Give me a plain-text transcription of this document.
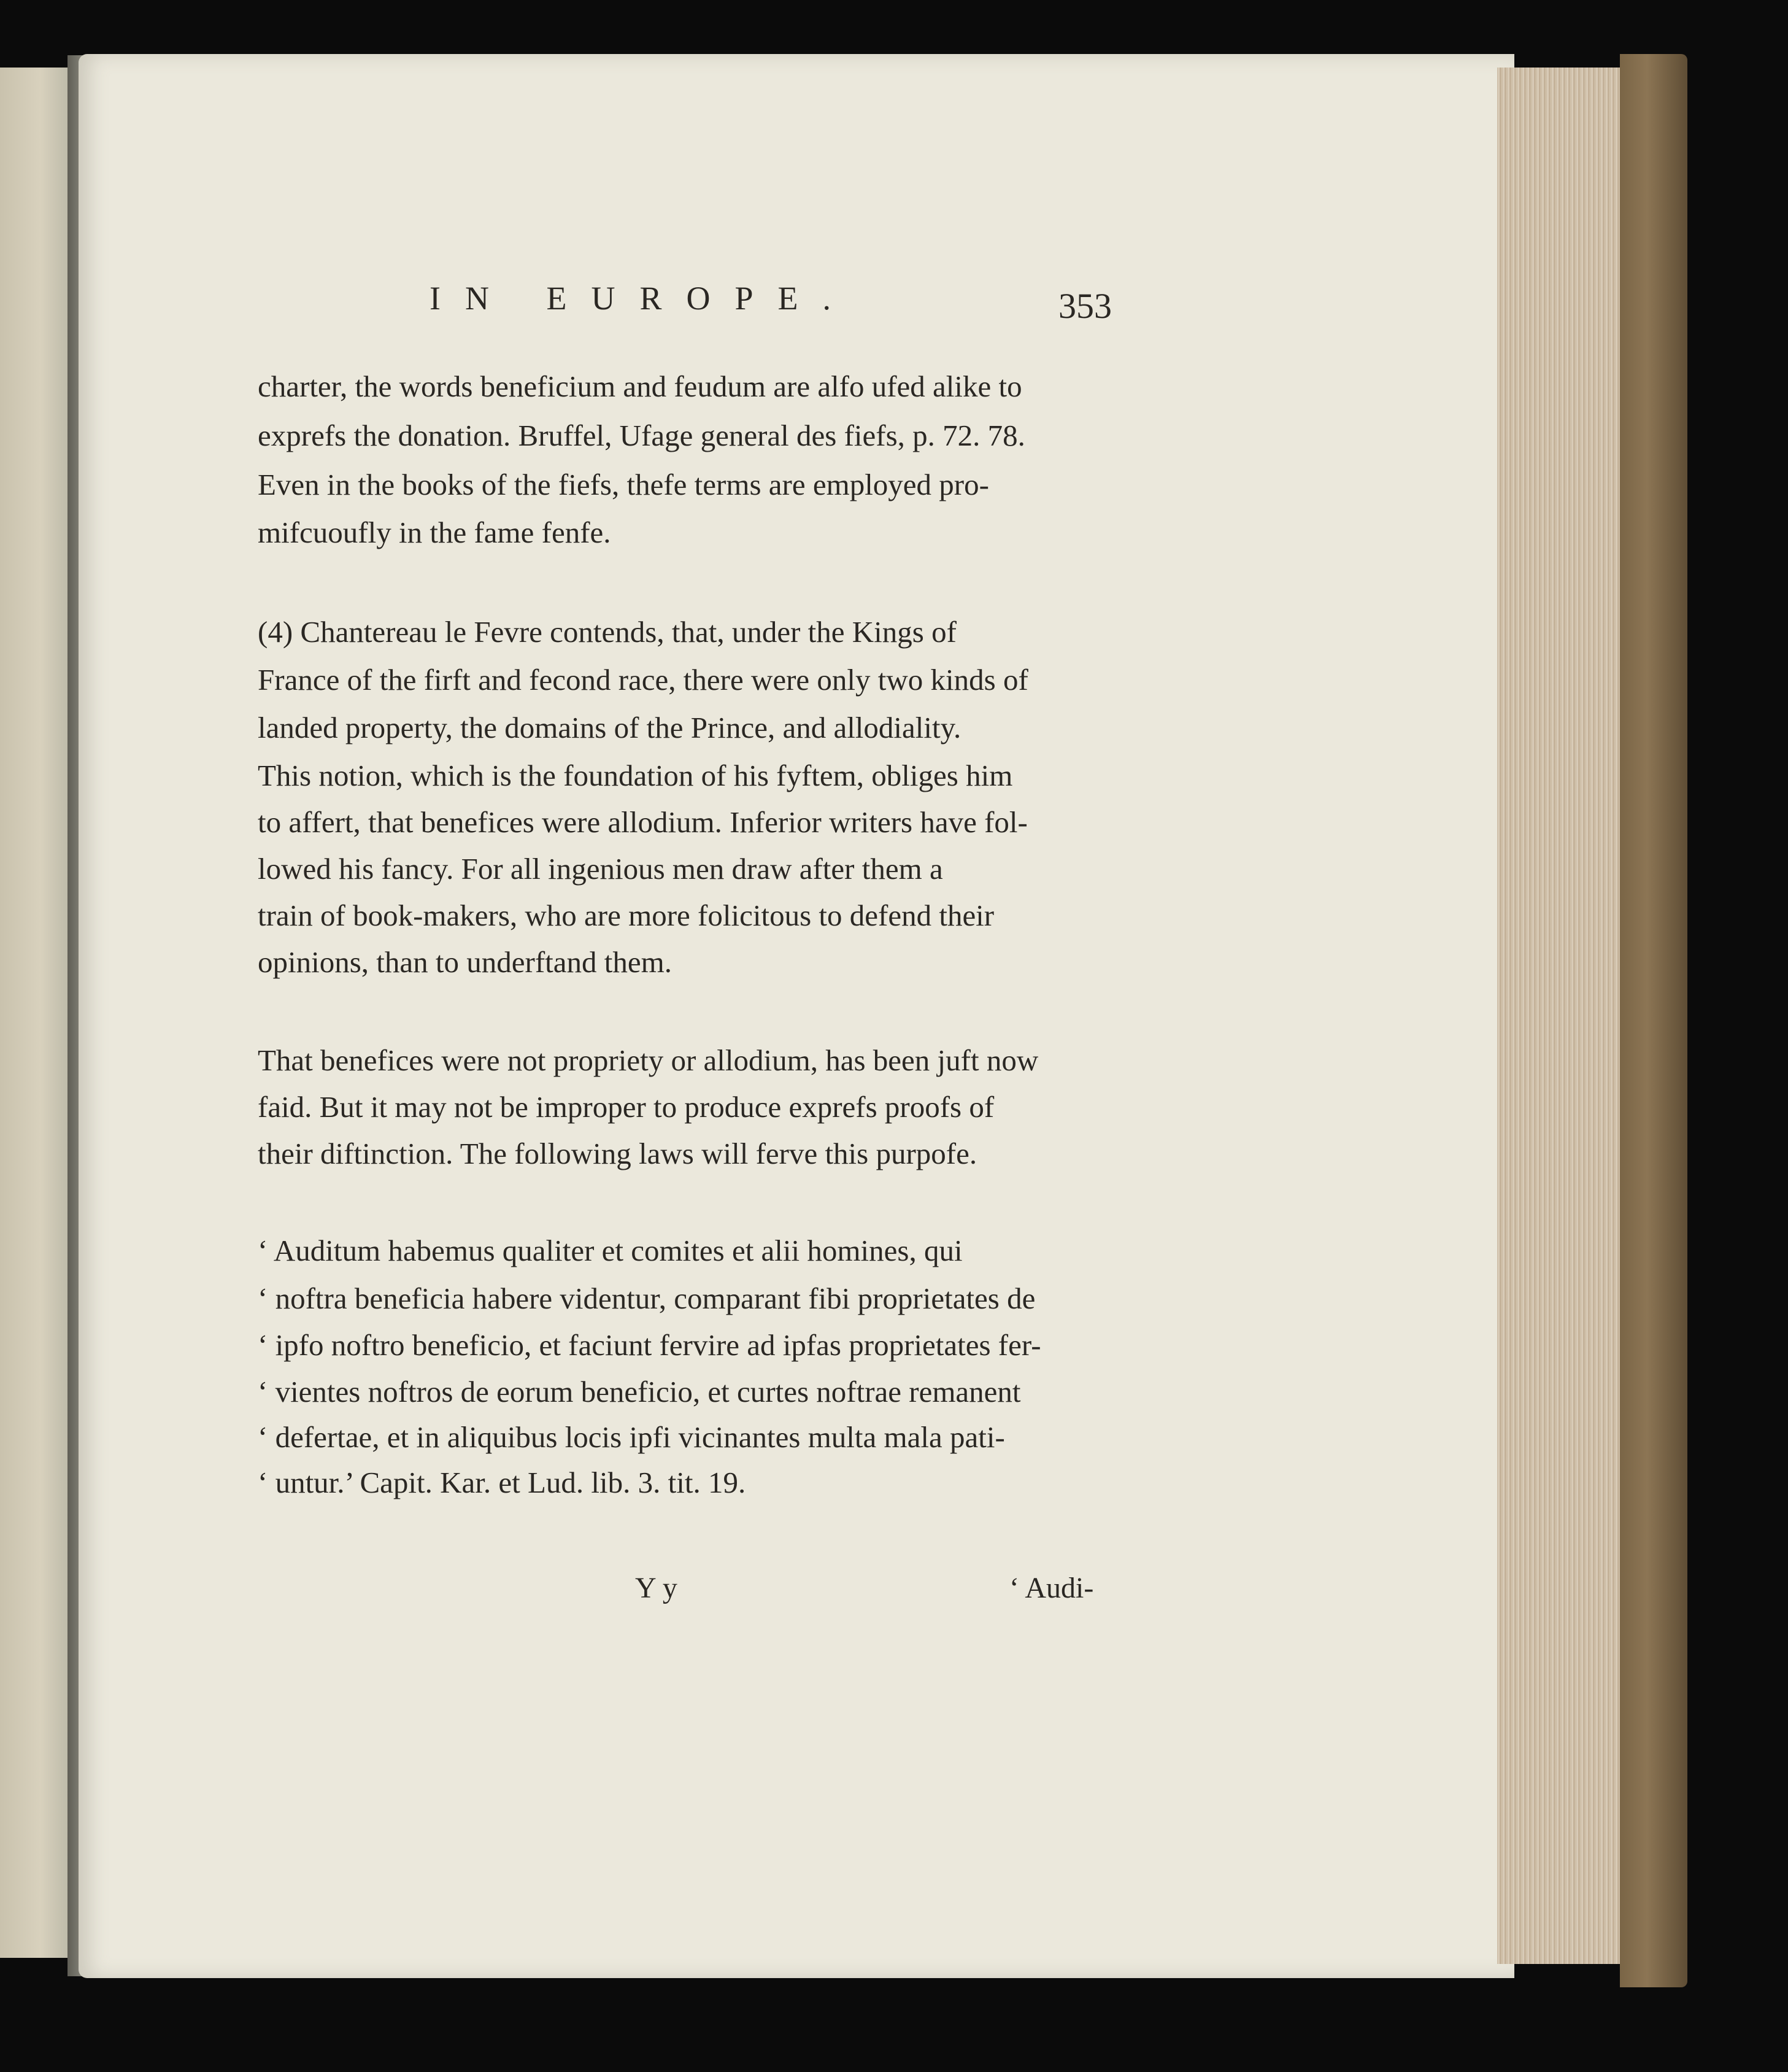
IN EUROPE.	353
charter, the words beneficium and feudum are alfo ufed alike to
exprefs the donation. Bruffel, Ufage general des fiefs, p. 72. 78.
Even in the books of the fiefs, thefe terms are employed pro-
mifcuoufly in the fame fenfe.
(4) Chantereau le Fevre contends, that, under the Kings of
France of the firft and fecond race, there were only two kinds of
landed property, the domains of the Prince, and allodiality.
This notion, which is the foundation of his fyftem, obliges him
to affert, that benefices were allodium. Inferior writers have fol-
lowed his fancy. For all ingenious men draw after them a
train of book-makers, who are more folicitous to defend their
opinions, than to underftand them.
That benefices were not propriety or allodium, has been juft now
faid. But it may not be improper to produce exprefs proofs of
their diftinction. The following laws will ferve this purpofe.
‘ Auditum habemus qualiter et comites et alii homines, qui
‘ noftra beneficia habere videntur, comparant fibi proprietates de
‘ ipfo noftro beneficio, et faciunt fervire ad ipfas proprietates fer-
‘ vientes noftros de eorum beneficio, et curtes noftrae remanent
‘ defertae, et in aliquibus locis ipfi vicinantes multa mala pati-
‘ untur.’ Capit. Kar. et Lud. lib. 3. tit. 19.
Y y	‘ Audi-
